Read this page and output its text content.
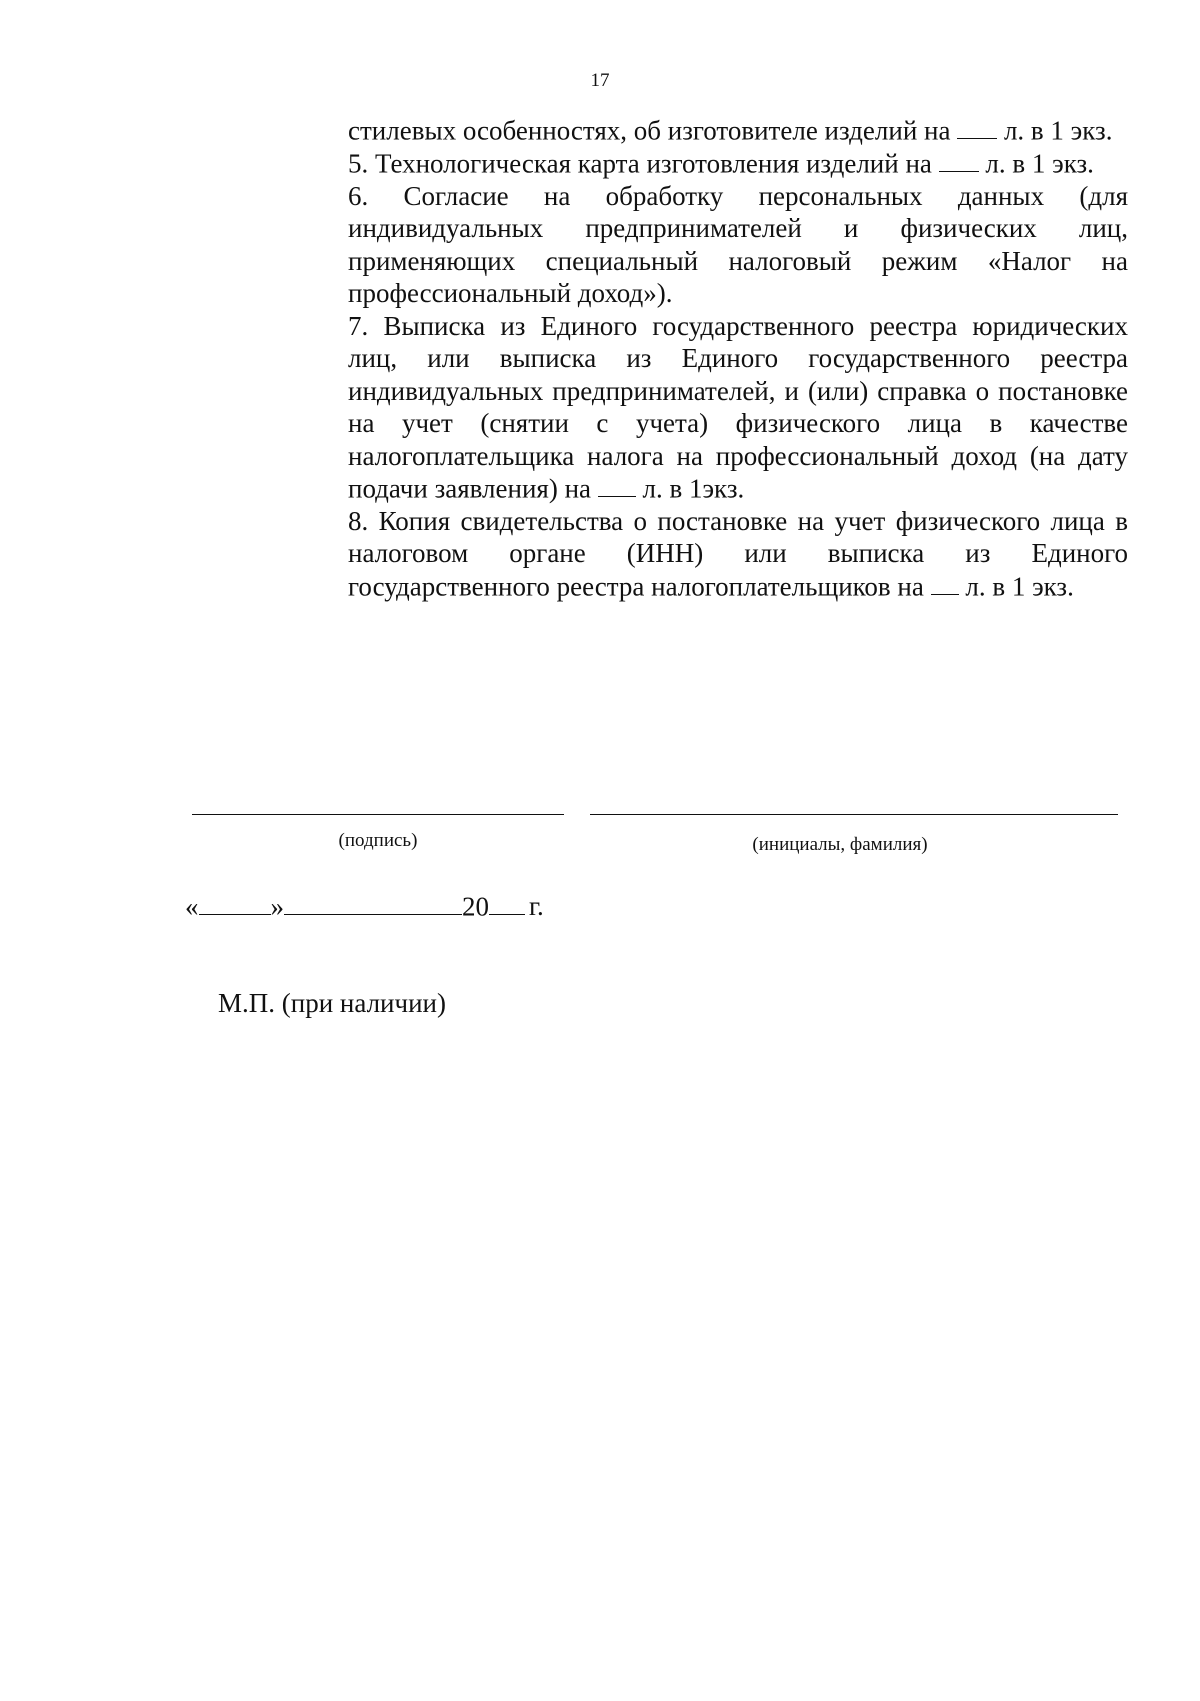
17

стилевых особенностях, об изготовителе изделий на  л. в 1 экз.

5. Технологическая карта изготовления изделий на  л. в 1 экз.

6. Согласие на обработку персональных данных (для индивидуальных предпринимателей и физических лиц, применяющих специальный налоговый режим «Налог на профессиональный доход»).

7. Выписка из Единого государственного реестра юридических лиц, или выписка из Единого государственного реестра индивидуальных предпринимателей, и (или) справка о постановке на учет (снятии с учета) физического лица в качестве налогоплательщика налога на профессиональный доход (на дату подачи заявления) на  л. в 1экз.

8. Копия свидетельства о постановке на учет физического лица в налоговом органе (ИНН) или выписка из Единого государственного реестра налогоплательщиков на  л. в 1 экз.

(подпись)	(инициалы, фамилия)
«	»	20 г.
М.П. (при наличии)
